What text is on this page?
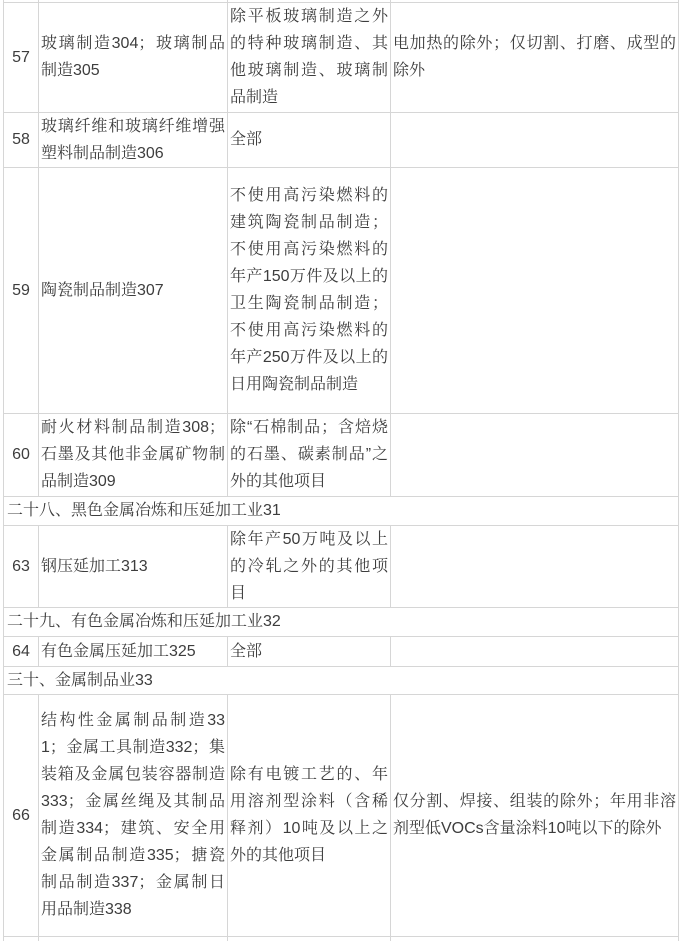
57	玻璃制造304；玻璃制品制造305	除平板玻璃制造之外的特种玻璃制造、其他玻璃制造、玻璃制品制造	电加热的除外；仅切割、打磨、成型的除外
58	玻璃纤维和玻璃纤维增强塑料制品制造306	全部	
59	陶瓷制品制造307	不使用高污染燃料的建筑陶瓷制品制造；不使用高污染燃料的年产150万件及以上的卫生陶瓷制品制造；不使用高污染燃料的年产250万件及以上的日用陶瓷制品制造	
60	耐火材料制品制造308；石墨及其他非金属矿物制品制造309	除“石棉制品；含焙烧的石墨、碳素制品”之外的其他项目	
二十八、黑色金属冶炼和压延加工业31			
63	钢压延加工313	除年产50万吨及以上的冷轧之外的其他项目	
二十九、有色金属冶炼和压延加工业32			
64	有色金属压延加工325	全部	
三十、金属制品业33			
66	结构性金属制品制造331；金属工具制造332；集装箱及金属包装容器制造333；金属丝绳及其制品制造334；建筑、安全用金属制品制造335；搪瓷制品制造337；金属制日用品制造338	除有电镀工艺的、年用溶剂型涂料（含稀释剂）10吨及以上之外的其他项目	仅分割、焊接、组装的除外；年用非溶剂型低VOCs含量涂料10吨以下的除外
